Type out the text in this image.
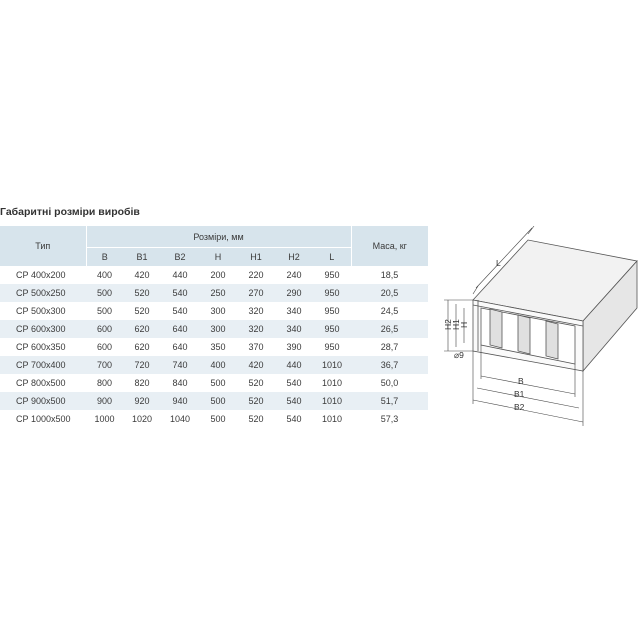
Габаритні розміри виробів
Тип	Розміри, мм							Маса, кг
	B	B1	B2	H	H1	H2	L	
СР 400х200	400	420	440	200	220	240	950	18,5
СР 500х250	500	520	540	250	270	290	950	20,5
СР 500х300	500	520	540	300	320	340	950	24,5
СР 600х300	600	620	640	300	320	340	950	26,5
СР 600х350	600	620	640	350	370	390	950	28,7
СР 700х400	700	720	740	400	420	440	1010	36,7
СР 800х500	800	820	840	500	520	540	1010	50,0
СР 900х500	900	920	940	500	520	540	1010	51,7
СР 1000х500	1000	1020	1040	500	520	540	1010	57,3
L
H2
H1
H
⌀9
B
B1
B2
